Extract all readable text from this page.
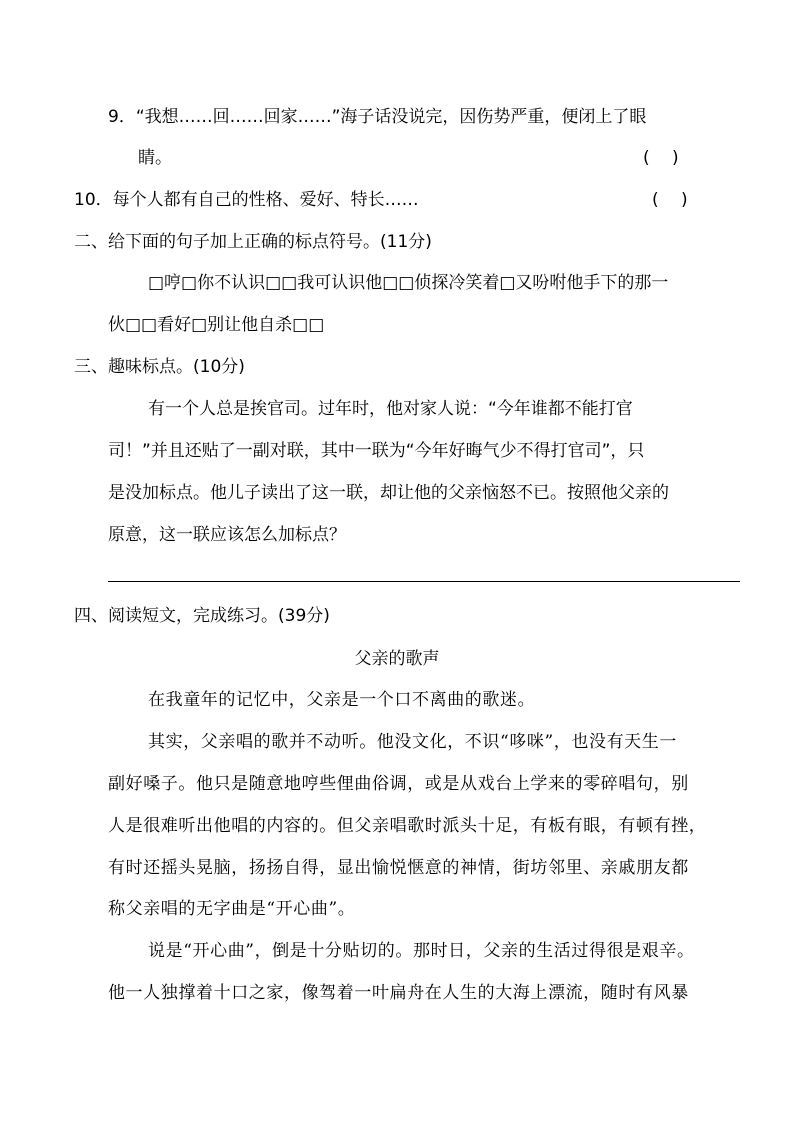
9．“我想……回……回家……”海子话没说完，因伤势严重，便闭上了眼
睛。	(　 )
10．每个人都有自己的性格、爱好、特长……	(　 )
二、给下面的句子加上正确的标点符号。(11分)
□哼□你不认识□□我可认识他□□侦探冷笑着□又吩咐他手下的那一
伙□□看好□别让他自杀□□
三、趣味标点。(10分)
有一个人总是挨官司。过年时，他对家人说：“今年谁都不能打官
司！”并且还贴了一副对联，其中一联为“今年好晦气少不得打官司”，只
是没加标点。他儿子读出了这一联，却让他的父亲恼怒不已。按照他父亲的
原意，这一联应该怎么加标点？
四、阅读短文，完成练习。(39分)
父亲的歌声
在我童年的记忆中，父亲是一个口不离曲的歌迷。
其实，父亲唱的歌并不动听。他没文化，不识“哆咪”，也没有天生一
副好嗓子。他只是随意地哼些俚曲俗调，或是从戏台上学来的零碎唱句，别
人是很难听出他唱的内容的。但父亲唱歌时派头十足，有板有眼，有顿有挫，
有时还摇头晃脑，扬扬自得，显出愉悦惬意的神情，街坊邻里、亲戚朋友都
称父亲唱的无字曲是“开心曲”。
说是“开心曲”，倒是十分贴切的。那时日，父亲的生活过得很是艰辛。
他一人独撑着十口之家，像驾着一叶扁舟在人生的大海上漂流，随时有风暴
